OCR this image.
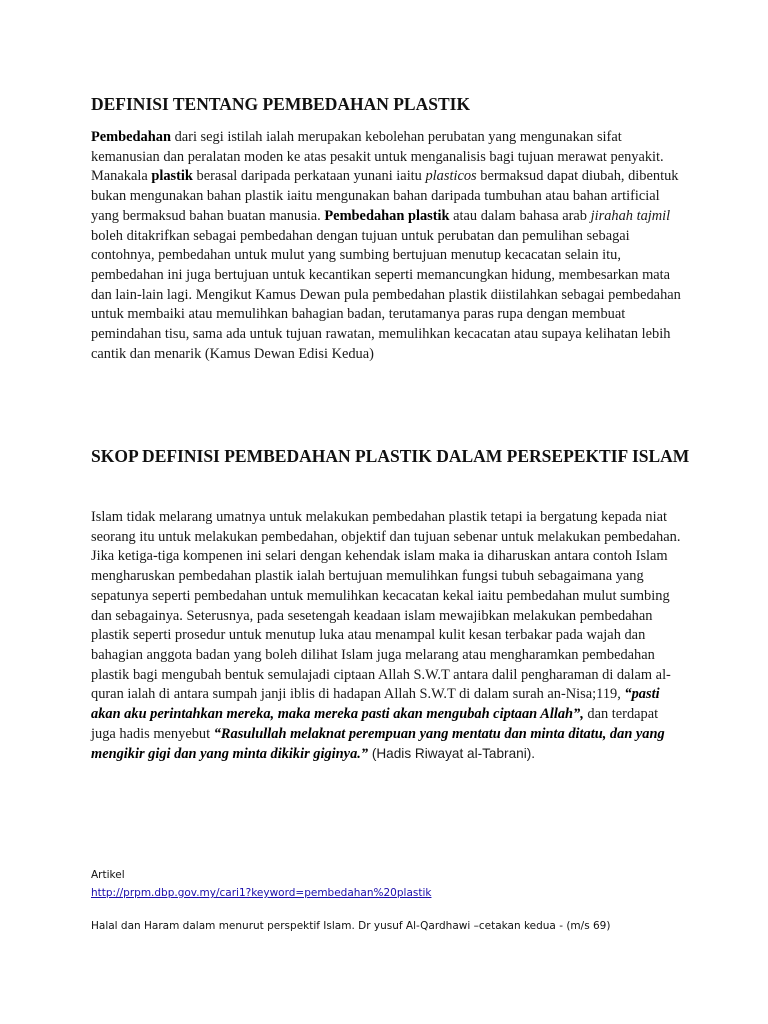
DEFINISI TENTANG PEMBEDAHAN PLASTIK

Pembedahan dari segi istilah ialah merupakan kebolehan perubatan yang mengunakan sifat kemanusian dan peralatan moden ke atas pesakit untuk menganalisis bagi tujuan merawat penyakit. Manakala plastik berasal daripada perkataan yunani iaitu plasticos bermaksud dapat diubah, dibentuk bukan mengunakan bahan plastik iaitu mengunakan bahan daripada tumbuhan atau bahan artificial yang bermaksud bahan buatan manusia. Pembedahan plastik atau dalam bahasa arab jirahah tajmil boleh ditakrifkan sebagai pembedahan dengan tujuan untuk perubatan dan pemulihan sebagai contohnya, pembedahan untuk mulut yang sumbing bertujuan menutup kecacatan selain itu, pembedahan ini juga bertujuan untuk kecantikan seperti memancungkan hidung, membesarkan mata dan lain-lain lagi. Mengikut Kamus Dewan pula pembedahan plastik diistilahkan sebagai pembedahan untuk membaiki atau memulihkan bahagian badan, terutamanya paras rupa dengan membuat pemindahan tisu, sama ada untuk tujuan rawatan, memulihkan kecacatan atau supaya kelihatan lebih cantik dan menarik (Kamus Dewan Edisi Kedua)

SKOP DEFINISI PEMBEDAHAN PLASTIK DALAM PERSEPEKTIF ISLAM

Islam tidak melarang umatnya untuk melakukan pembedahan plastik tetapi ia bergatung kepada niat seorang itu untuk melakukan pembedahan, objektif dan tujuan sebenar untuk melakukan pembedahan. Jika ketiga-tiga kompenen ini selari dengan kehendak islam maka ia diharuskan antara contoh Islam mengharuskan pembedahan plastik ialah bertujuan memulihkan fungsi tubuh sebagaimana yang sepatunya seperti pembedahan untuk memulihkan kecacatan kekal iaitu pembedahan mulut sumbing dan sebagainya. Seterusnya, pada sesetengah keadaan islam mewajibkan melakukan pembedahan plastik seperti prosedur untuk menutup luka atau menampal kulit kesan terbakar pada wajah dan bahagian anggota badan yang boleh dilihat Islam juga melarang atau mengharamkan pembedahan plastik bagi mengubah bentuk semulajadi ciptaan Allah S.W.T antara dalil pengharaman di dalam al-quran ialah di antara sumpah janji iblis di hadapan Allah S.W.T di dalam surah an-Nisa;119, “pasti akan aku perintahkan mereka, maka mereka pasti akan mengubah ciptaan Allah”, dan terdapat juga hadis menyebut “Rasulullah melaknat perempuan yang mentatu dan minta ditatu, dan yang mengikir gigi dan yang minta dikikir giginya.” (Hadis Riwayat al-Tabrani).

Artikel

http://prpm.dbp.gov.my/cari1?keyword=pembedahan%20plastik

Halal dan Haram dalam menurut perspektif Islam. Dr yusuf Al-Qardhawi –cetakan kedua - (m/s 69)
